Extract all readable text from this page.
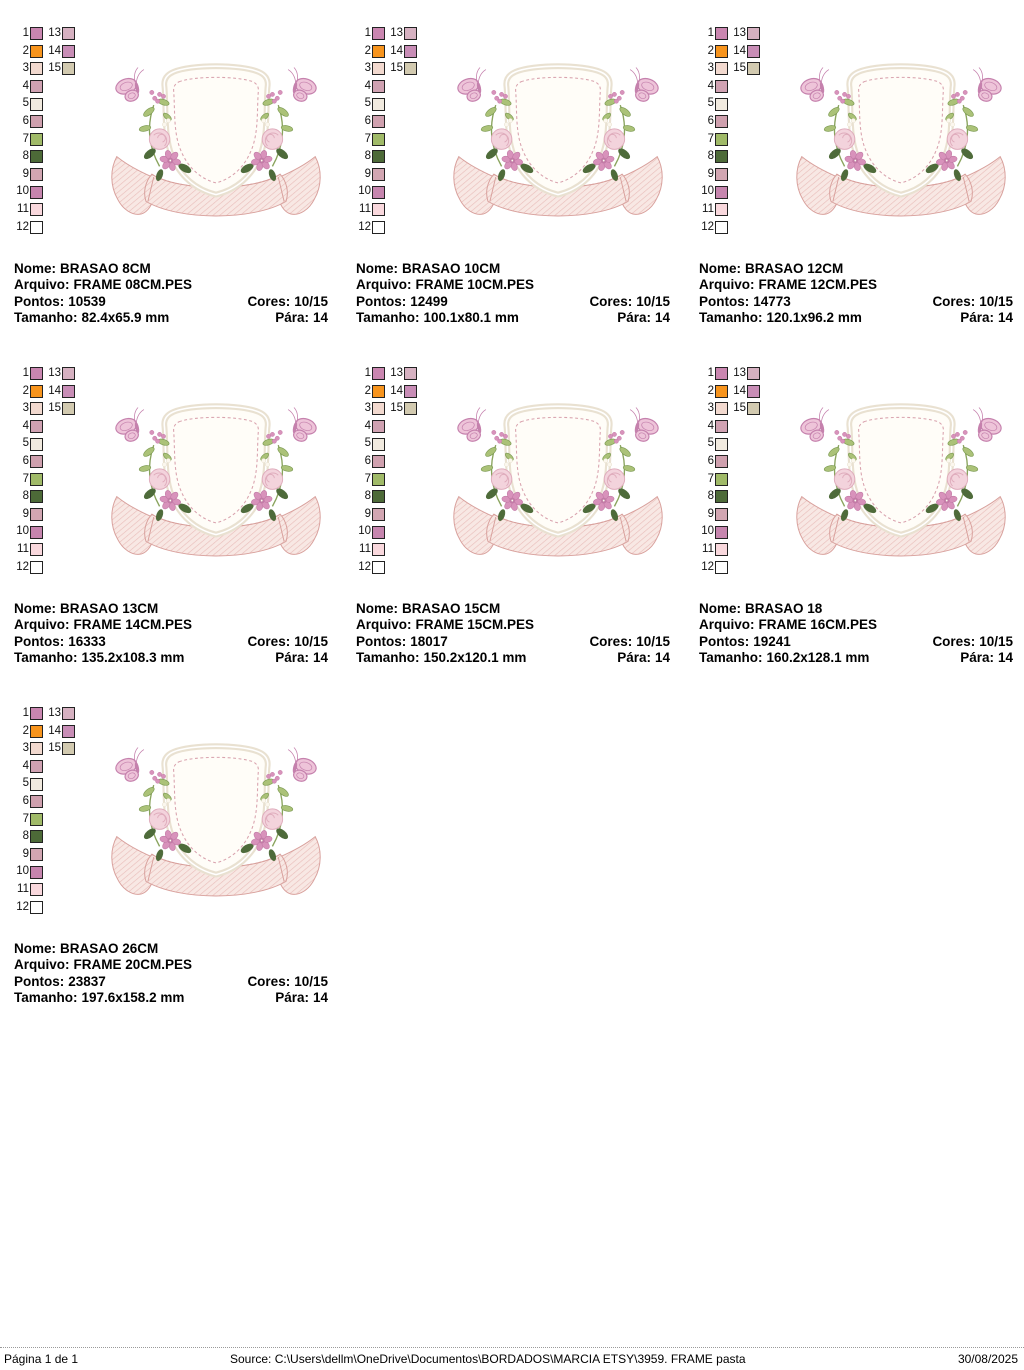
1 13
2 14
3 15
4
5
6
7
8
9
10
11
12
Nome: BRASAO 8CM
Arquivo: FRAME 08CM.PES
Pontos: 10539	Cores: 10/15
Tamanho: 82.4x65.9 mm	Pára: 14
1 13
2 14
3 15
4
5
6
7
8
9
10
11
12
Nome: BRASAO 10CM
Arquivo: FRAME 10CM.PES
Pontos: 12499	Cores: 10/15
Tamanho: 100.1x80.1 mm	Pára: 14
1 13
2 14
3 15
4
5
6
7
8
9
10
11
12
Nome: BRASAO 12CM
Arquivo: FRAME 12CM.PES
Pontos: 14773	Cores: 10/15
Tamanho: 120.1x96.2 mm	Pára: 14
1 13
2 14
3 15
4
5
6
7
8
9
10
11
12
Nome: BRASAO 13CM
Arquivo: FRAME 14CM.PES
Pontos: 16333	Cores: 10/15
Tamanho: 135.2x108.3 mm	Pára: 14
1 13
2 14
3 15
4
5
6
7
8
9
10
11
12
Nome: BRASAO 15CM
Arquivo: FRAME 15CM.PES
Pontos: 18017	Cores: 10/15
Tamanho: 150.2x120.1 mm	Pára: 14
1 13
2 14
3 15
4
5
6
7
8
9
10
11
12
Nome: BRASAO 18
Arquivo: FRAME 16CM.PES
Pontos: 19241	Cores: 10/15
Tamanho: 160.2x128.1 mm	Pára: 14
1 13
2 14
3 15
4
5
6
7
8
9
10
11
12
Nome: BRASAO 26CM
Arquivo: FRAME 20CM.PES
Pontos: 23837	Cores: 10/15
Tamanho: 197.6x158.2 mm	Pára: 14
Página 1 de 1	Source: C:\Users\dellm\OneDrive\Documentos\BORDADOS\MARCIA ETSY\3959. FRAME pasta	30/08/2025
